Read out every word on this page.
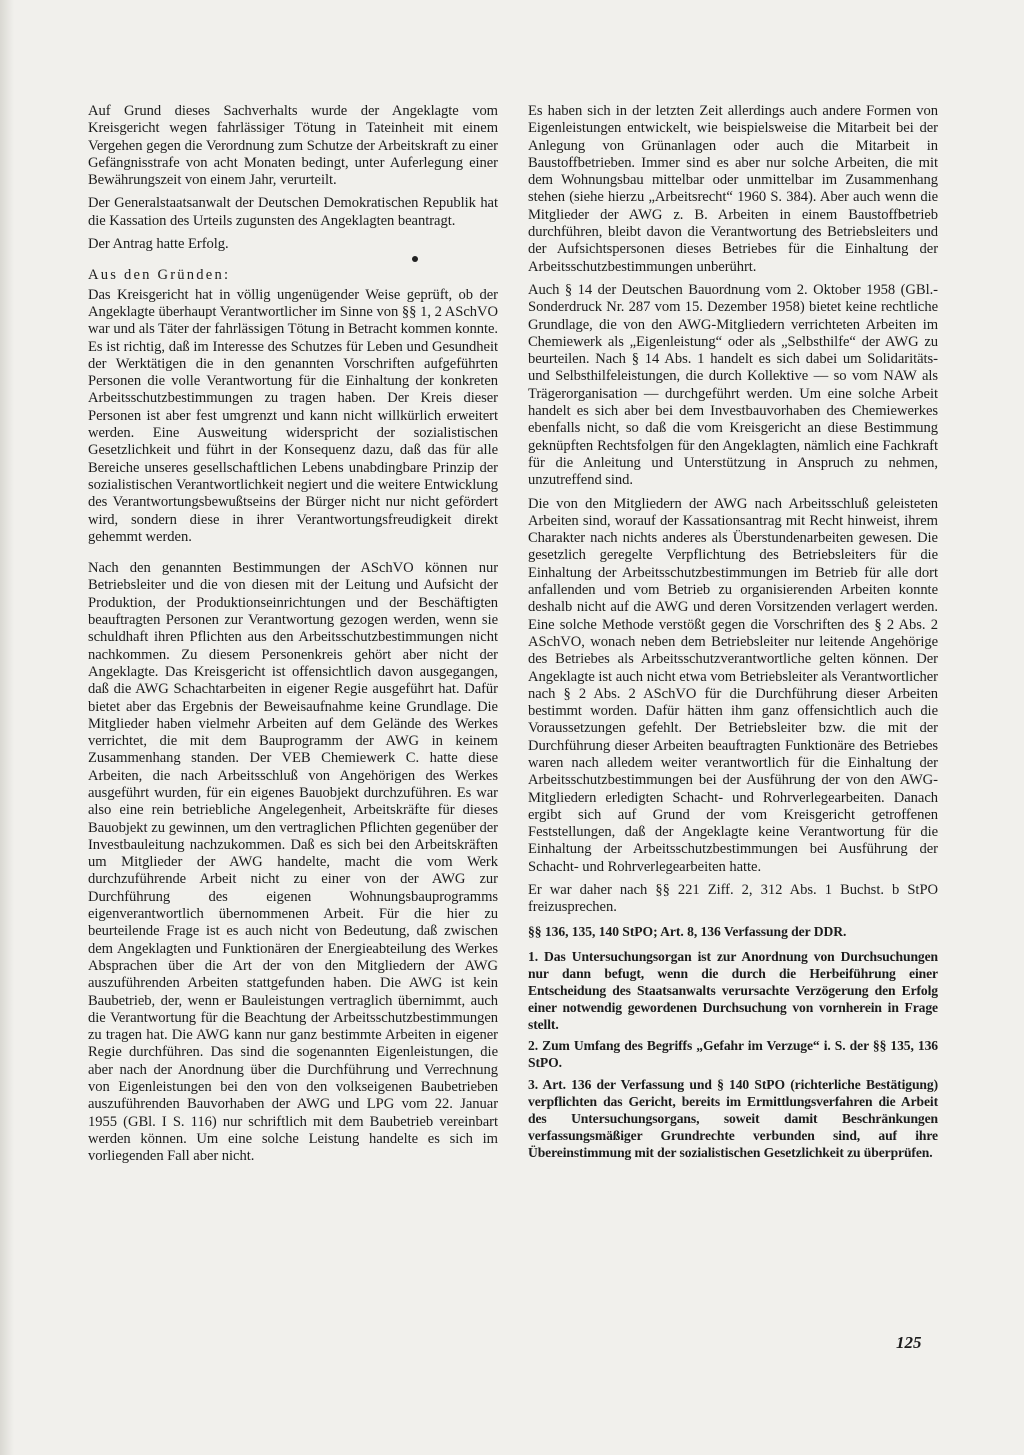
Auf Grund dieses Sachverhalts wurde der Angeklagte vom Kreisgericht wegen fahrlässiger Tötung in Tateinheit mit einem Vergehen gegen die Verordnung zum Schutze der Arbeitskraft zu einer Gefängnisstrafe von acht Monaten bedingt, unter Auferlegung einer Bewährungszeit von einem Jahr, verurteilt.

Der Generalstaatsanwalt der Deutschen Demokratischen Republik hat die Kassation des Urteils zugunsten des Angeklagten beantragt.

Der Antrag hatte Erfolg.

Aus den Gründen:

Das Kreisgericht hat in völlig ungenügender Weise geprüft, ob der Angeklagte überhaupt Verantwortlicher im Sinne von §§ 1, 2 ASchVO war und als Täter der fahrlässigen Tötung in Betracht kommen konnte. Es ist richtig, daß im Interesse des Schutzes für Leben und Gesundheit der Werktätigen die in den genannten Vorschriften aufgeführten Personen die volle Verantwortung für die Einhaltung der konkreten Arbeitsschutzbestimmungen zu tragen haben. Der Kreis dieser Personen ist aber fest umgrenzt und kann nicht willkürlich erweitert werden. Eine Ausweitung widerspricht der sozialistischen Gesetzlichkeit und führt in der Konsequenz dazu, daß das für alle Bereiche unseres gesellschaftlichen Lebens unabdingbare Prinzip der sozialistischen Verantwortlichkeit negiert und die weitere Entwicklung des Verantwortungsbewußtseins der Bürger nicht nur nicht gefördert wird, sondern diese in ihrer Verantwortungsfreudigkeit direkt gehemmt werden.

Nach den genannten Bestimmungen der ASchVO können nur Betriebsleiter und die von diesen mit der Leitung und Aufsicht der Produktion, der Produktionseinrichtungen und der Beschäftigten beauftragten Personen zur Verantwortung gezogen werden, wenn sie schuldhaft ihren Pflichten aus den Arbeitsschutzbestimmungen nicht nachkommen. Zu diesem Personenkreis gehört aber nicht der Angeklagte. Das Kreisgericht ist offensichtlich davon ausgegangen, daß die AWG Schachtarbeiten in eigener Regie ausgeführt hat. Dafür bietet aber das Ergebnis der Beweisaufnahme keine Grundlage. Die Mitglieder haben vielmehr Arbeiten auf dem Gelände des Werkes verrichtet, die mit dem Bauprogramm der AWG in keinem Zusammenhang standen. Der VEB Chemiewerk C. hatte diese Arbeiten, die nach Arbeitsschluß von Angehörigen des Werkes ausgeführt wurden, für ein eigenes Bauobjekt durchzuführen. Es war also eine rein betriebliche Angelegenheit, Arbeitskräfte für dieses Bauobjekt zu gewinnen, um den vertraglichen Pflichten gegenüber der Investbauleitung nachzukommen. Daß es sich bei den Arbeitskräften um Mitglieder der AWG handelte, macht die vom Werk durchzuführende Arbeit nicht zu einer von der AWG zur Durchführung des eigenen Wohnungsbauprogramms eigenverantwortlich übernommenen Arbeit. Für die hier zu beurteilende Frage ist es auch nicht von Bedeutung, daß zwischen dem Angeklagten und Funktionären der Energieabteilung des Werkes Absprachen über die Art der von den Mitgliedern der AWG auszuführenden Arbeiten stattgefunden haben. Die AWG ist kein Baubetrieb, der, wenn er Bauleistungen vertraglich übernimmt, auch die Verantwortung für die Beachtung der Arbeitsschutzbestimmungen zu tragen hat. Die AWG kann nur ganz bestimmte Arbeiten in eigener Regie durchführen. Das sind die sogenannten Eigenleistungen, die aber nach der Anordnung über die Durchführung und Verrechnung von Eigenleistungen bei den von den volkseigenen Baubetrieben auszuführenden Bauvorhaben der AWG und LPG vom 22. Januar 1955 (GBl. I S. 116) nur schriftlich mit dem Baubetrieb vereinbart werden können. Um eine solche Leistung handelte es sich im vorliegenden Fall aber nicht.

Es haben sich in der letzten Zeit allerdings auch andere Formen von Eigenleistungen entwickelt, wie beispielsweise die Mitarbeit bei der Anlegung von Grünanlagen oder auch die Mitarbeit in Baustoffbetrieben. Immer sind es aber nur solche Arbeiten, die mit dem Wohnungsbau mittelbar oder unmittelbar im Zusammenhang stehen (siehe hierzu „Arbeitsrecht“ 1960 S. 384). Aber auch wenn die Mitglieder der AWG z. B. Arbeiten in einem Baustoffbetrieb durchführen, bleibt davon die Verantwortung des Betriebsleiters und der Aufsichtspersonen dieses Betriebes für die Einhaltung der Arbeitsschutzbestimmungen unberührt.

Auch § 14 der Deutschen Bauordnung vom 2. Oktober 1958 (GBl.-Sonderdruck Nr. 287 vom 15. Dezember 1958) bietet keine rechtliche Grundlage, die von den AWG-Mitgliedern verrichteten Arbeiten im Chemiewerk als „Eigenleistung“ oder als „Selbsthilfe“ der AWG zu beurteilen. Nach § 14 Abs. 1 handelt es sich dabei um Solidaritäts- und Selbsthilfeleistungen, die durch Kollektive — so vom NAW als Trägerorganisation — durchgeführt werden. Um eine solche Arbeit handelt es sich aber bei dem Investbauvorhaben des Chemiewerkes ebenfalls nicht, so daß die vom Kreisgericht an diese Bestimmung geknüpften Rechtsfolgen für den Angeklagten, nämlich eine Fachkraft für die Anleitung und Unterstützung in Anspruch zu nehmen, unzutreffend sind.

Die von den Mitgliedern der AWG nach Arbeitsschluß geleisteten Arbeiten sind, worauf der Kassationsantrag mit Recht hinweist, ihrem Charakter nach nichts anderes als Überstundenarbeiten gewesen. Die gesetzlich geregelte Verpflichtung des Betriebsleiters für die Einhaltung der Arbeitsschutzbestimmungen im Betrieb für alle dort anfallenden und vom Betrieb zu organisierenden Arbeiten konnte deshalb nicht auf die AWG und deren Vorsitzenden verlagert werden. Eine solche Methode verstößt gegen die Vorschriften des § 2 Abs. 2 ASchVO, wonach neben dem Betriebsleiter nur leitende Angehörige des Betriebes als Arbeitsschutzverantwortliche gelten können. Der Angeklagte ist auch nicht etwa vom Betriebsleiter als Verantwortlicher nach § 2 Abs. 2 ASchVO für die Durchführung dieser Arbeiten bestimmt worden. Dafür hätten ihm ganz offensichtlich auch die Voraussetzungen gefehlt. Der Betriebsleiter bzw. die mit der Durchführung dieser Arbeiten beauftragten Funktionäre des Betriebes waren nach alledem weiter verantwortlich für die Einhaltung der Arbeitsschutzbestimmungen bei der Ausführung der von den AWG-Mitgliedern erledigten Schacht- und Rohrverlegearbeiten. Danach ergibt sich auf Grund der vom Kreisgericht getroffenen Feststellungen, daß der Angeklagte keine Verantwortung für die Einhaltung der Arbeitsschutzbestimmungen bei Ausführung der Schacht- und Rohrverlegearbeiten hatte.

Er war daher nach §§ 221 Ziff. 2, 312 Abs. 1 Buchst. b StPO freizusprechen.

§§ 136, 135, 140 StPO; Art. 8, 136 Verfassung der DDR.

1. Das Untersuchungsorgan ist zur Anordnung von Durchsuchungen nur dann befugt, wenn die durch die Herbeiführung einer Entscheidung des Staatsanwalts verursachte Verzögerung den Erfolg einer notwendig gewordenen Durchsuchung von vornherein in Frage stellt.

2. Zum Umfang des Begriffs „Gefahr im Verzuge“ i. S. der §§ 135, 136 StPO.

3. Art. 136 der Verfassung und § 140 StPO (richterliche Bestätigung) verpflichten das Gericht, bereits im Ermittlungsverfahren die Arbeit des Untersuchungsorgans, soweit damit Beschränkungen verfassungsmäßiger Grundrechte verbunden sind, auf ihre Übereinstimmung mit der sozialistischen Gesetzlichkeit zu überprüfen.

125
